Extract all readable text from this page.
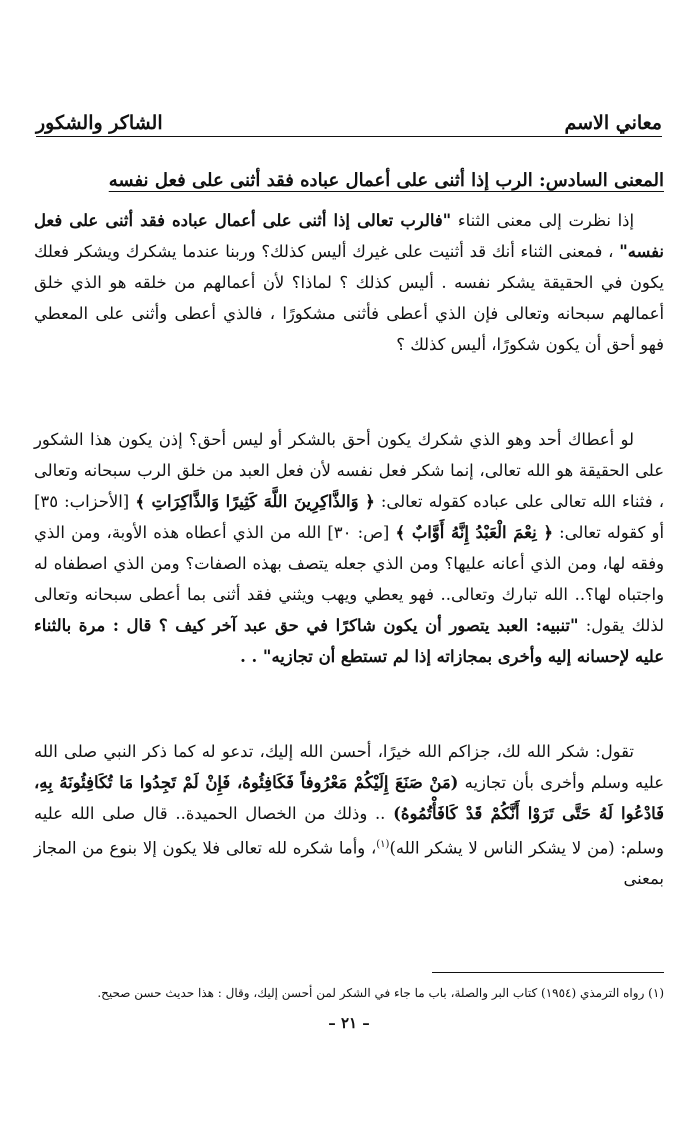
معاني الاسم
الشاكر والشكور
المعنى السادس: الرب إذا أثنى على أعمال عباده فقد أثنى على فعل نفسه

إذا نظرت إلى معنى الثناء "فالرب تعالى إذا أثنى على أعمال عباده فقد أثنى على فعل نفسه" ، فمعنى الثناء أنك قد أثنيت على غيرك أليس كذلك؟ وربنا عندما يشكرك ويشكر فعلك يكون في الحقيقة يشكر نفسه . أليس كذلك ؟ لماذا؟ لأن أعمالهم من خلقه هو الذي خلق أعمالهم سبحانه وتعالى فإن الذي أعطى فأثنى مشكورًا ، فالذي أعطى وأثنى على المعطي فهو أحق أن يكون شكورًا، أليس كذلك ؟

لو أعطاك أحد وهو الذي شكرك يكون أحق بالشكر أو ليس أحق؟ إذن يكون هذا الشكور على الحقيقة هو الله تعالى، إنما شكر فعل نفسه لأن فعل العبد من خلق الرب سبحانه وتعالى ، فثناء الله تعالى على عباده كقوله تعالى: ﴿ وَالذَّاكِرِينَ اللَّهَ كَثِيرًا وَالذَّاكِرَاتِ ﴾ [الأحزاب: ٣٥] أو كقوله تعالى: ﴿ نِعْمَ الْعَبْدُ إِنَّهُ أَوَّابٌ ﴾ [ص: ٣٠] الله من الذي أعطاه هذه الأوبة، ومن الذي وفقه لها، ومن الذي أعانه عليها؟ ومن الذي جعله يتصف بهذه الصفات؟ ومن الذي اصطفاه له واجتباه لها؟.. الله تبارك وتعالى.. فهو يعطي ويهب ويثني فقد أثنى بما أعطى سبحانه وتعالى لذلك يقول: "تنبيه: العبد يتصور أن يكون شاكرًا في حق عبد آخر كيف ؟ قال : مرة بالثناء عليه لإحسانه إليه وأخرى بمجازاته إذا لم تستطع أن تجازيه" . .

تقول: شكر الله لك، جزاكم الله خيرًا، أحسن الله إليك، تدعو له كما ذكر النبي صلى الله عليه وسلم وأخرى بأن تجازيه (مَنْ صَنَعَ إِلَيْكُمْ مَعْرُوفاً فَكَافِئُوهُ، فَإِنْ لَمْ تَجِدُوا مَا تُكَافِئُونَهُ بِهِ، فَادْعُوا لَهُ حَتَّى تَرَوْا أَنَّكُمْ قَدْ كَافَأْتُمُوهُ) .. وذلك من الخصال الحميدة.. قال صلى الله عليه وسلم: (من لا يشكر الناس لا يشكر الله)$^{(١)}$، وأما شكره لله تعالى فلا يكون إلا بنوع من المجاز بمعنى

(١) رواه الترمذي (١٩٥٤) كتاب البر والصلة، باب ما جاء في الشكر لمن أحسن إليك، وقال : هذا حديث حسن صحيح.
– ٢١ –
